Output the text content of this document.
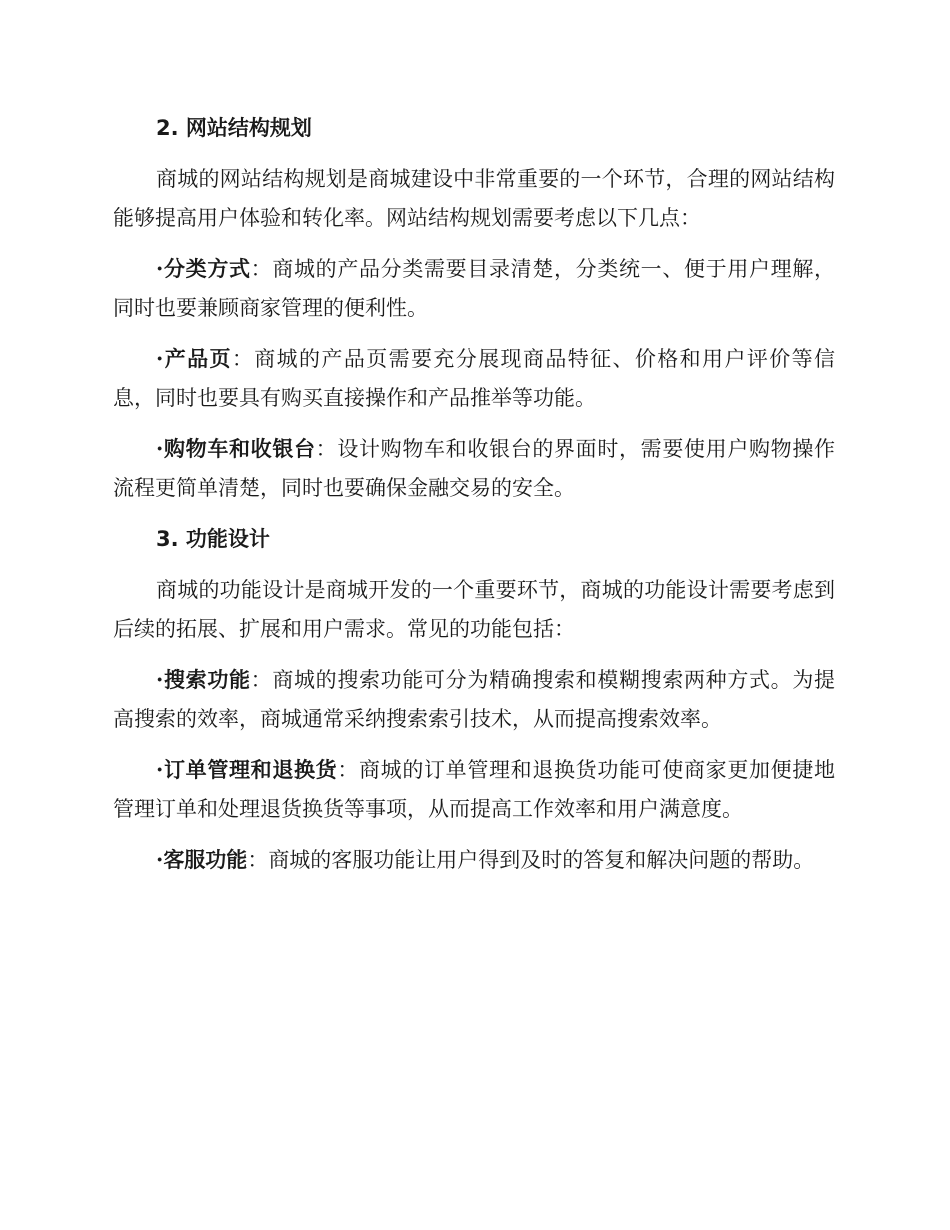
2. 网站结构规划

商城的网站结构规划是商城建设中非常重要的一个环节，合理的网站结构能够提高用户体验和转化率。网站结构规划需要考虑以下几点：

·分类方式：商城的产品分类需要目录清楚，分类统一、便于用户理解，同时也要兼顾商家管理的便利性。

·产品页：商城的产品页需要充分展现商品特征、价格和用户评价等信息，同时也要具有购买直接操作和产品推举等功能。

·购物车和收银台：设计购物车和收银台的界面时，需要使用户购物操作流程更简单清楚，同时也要确保金融交易的安全。

3. 功能设计

商城的功能设计是商城开发的一个重要环节，商城的功能设计需要考虑到后续的拓展、扩展和用户需求。常见的功能包括：

·搜索功能：商城的搜索功能可分为精确搜索和模糊搜索两种方式。为提高搜索的效率，商城通常采纳搜索索引技术，从而提高搜索效率。

·订单管理和退换货：商城的订单管理和退换货功能可使商家更加便捷地管理订单和处理退货换货等事项，从而提高工作效率和用户满意度。

·客服功能：商城的客服功能让用户得到及时的答复和解决问题的帮助。
